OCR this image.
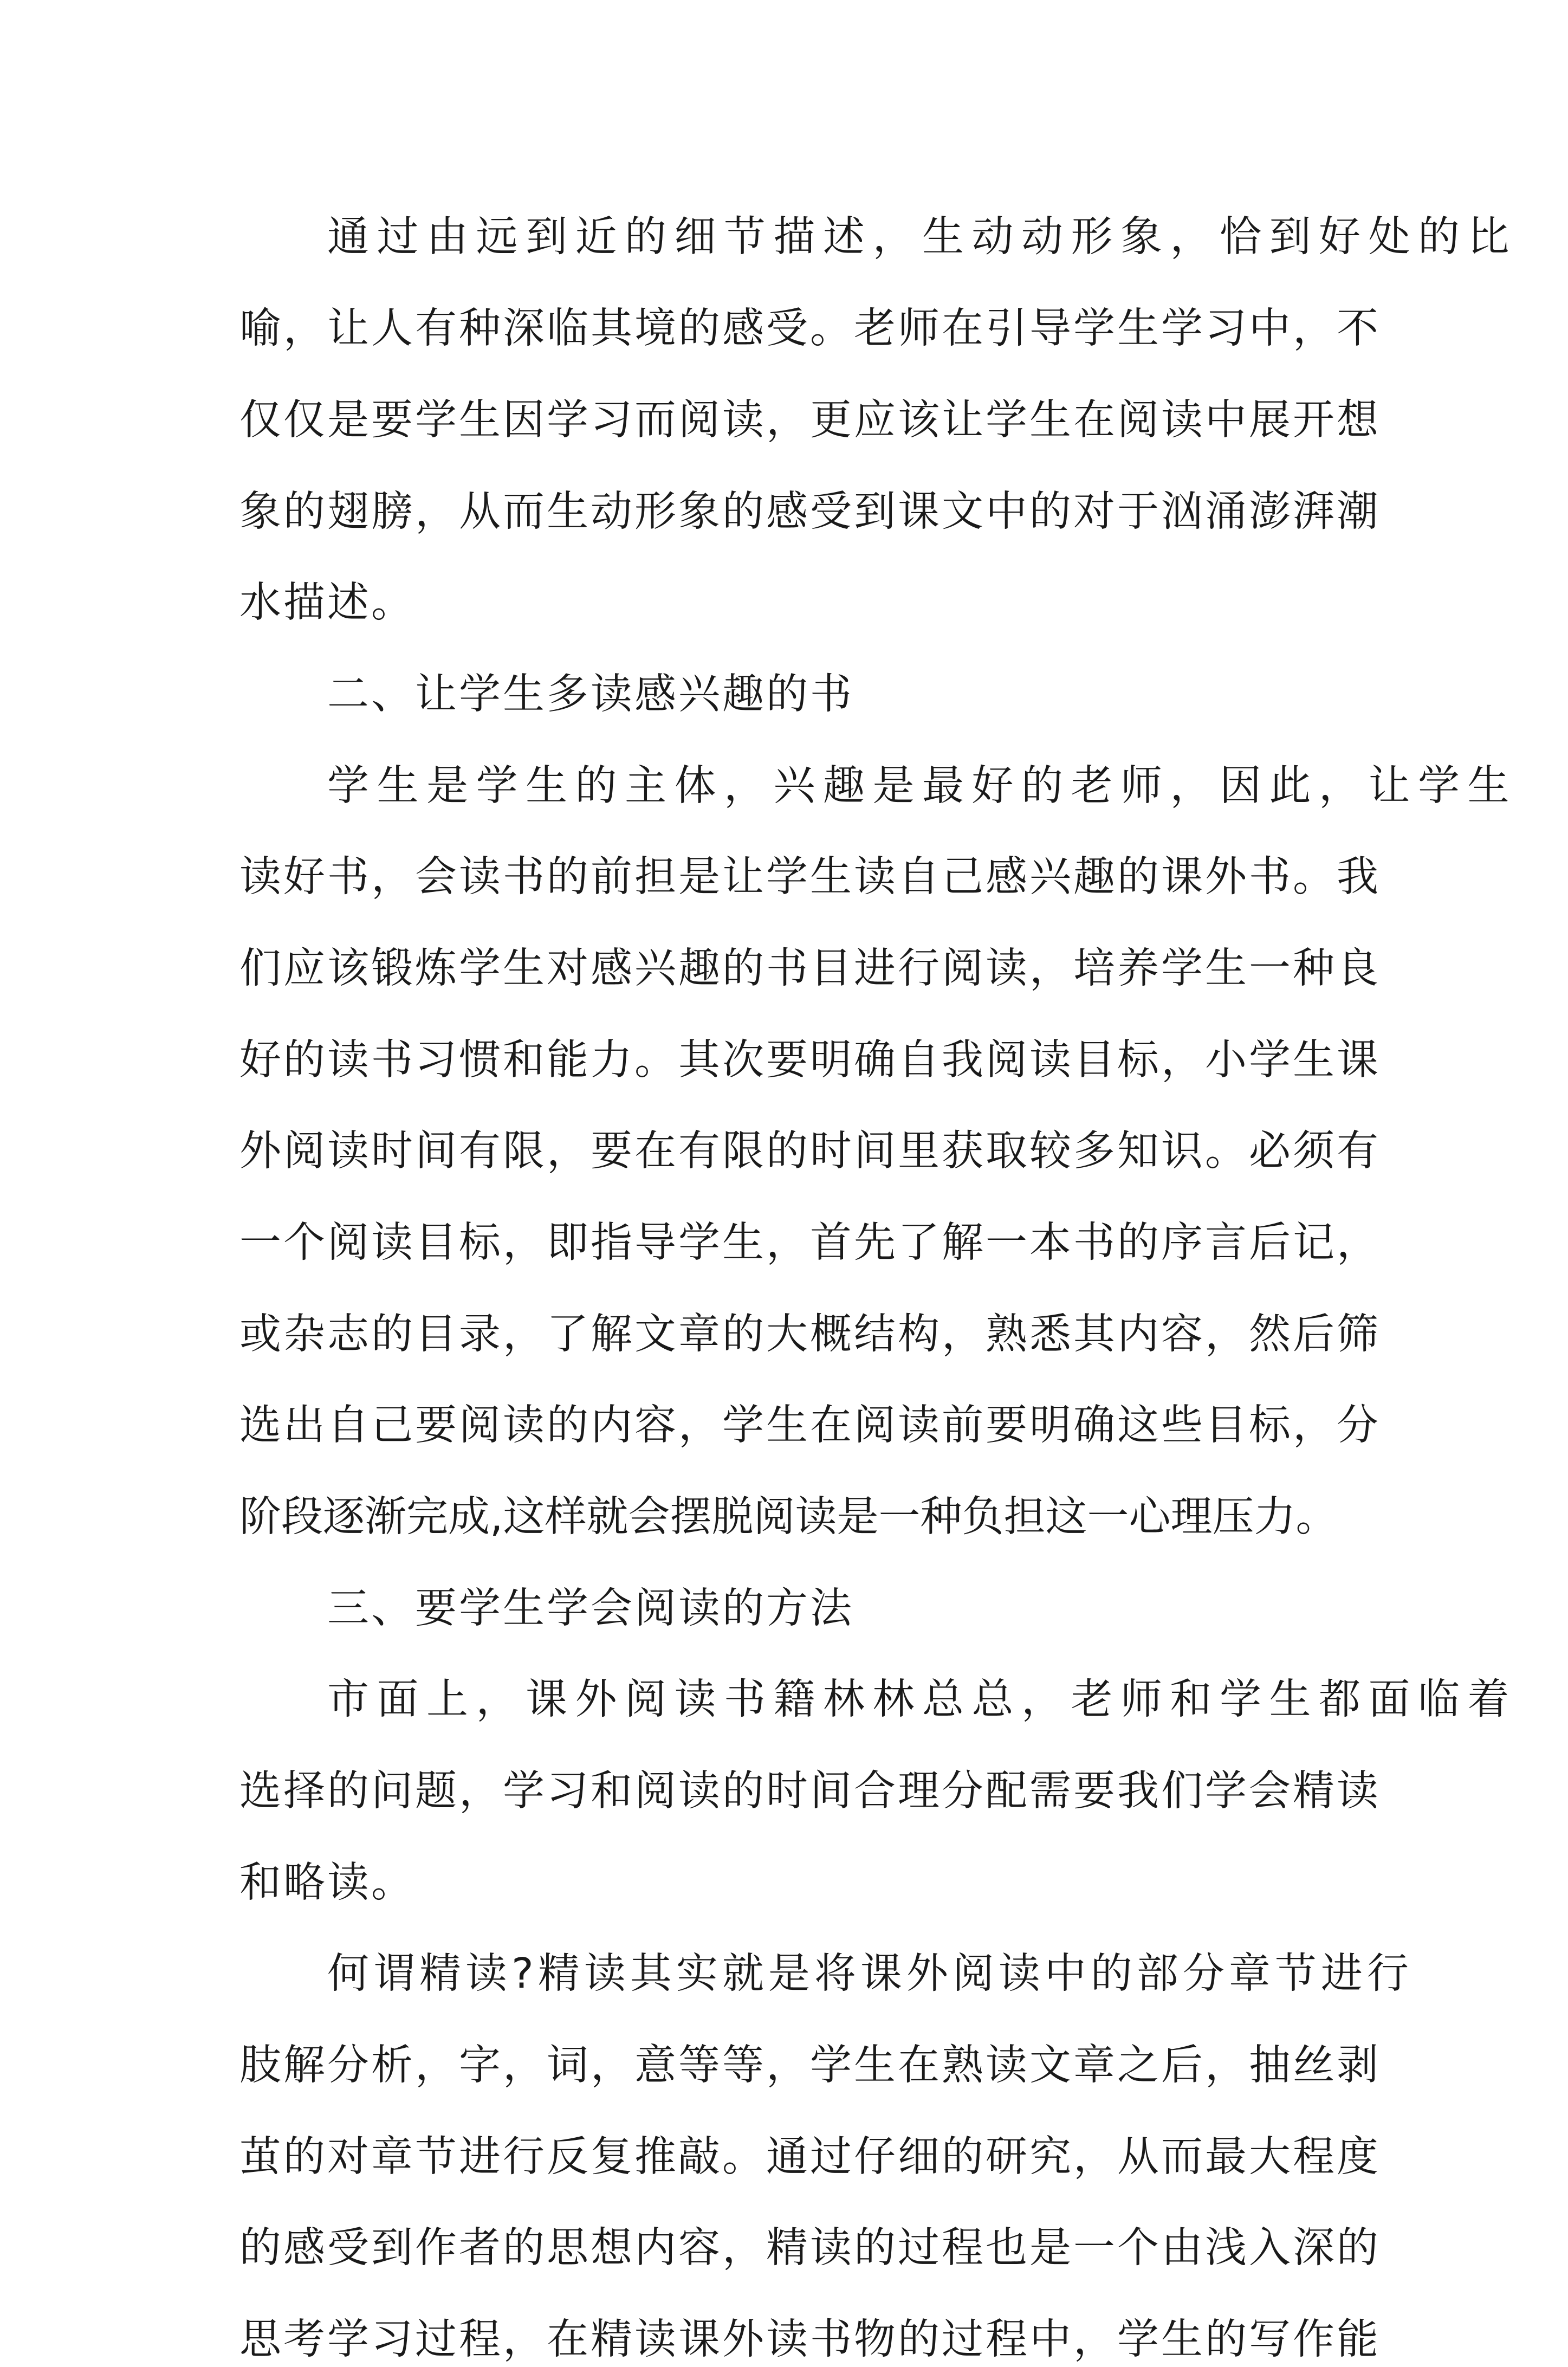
通过由远到近的细节描述，生动动形象，恰到好处的比
喻，让人有种深临其境的感受。老师在引导学生学习中，不
仅仅是要学生因学习而阅读，更应该让学生在阅读中展开想
象的翅膀，从而生动形象的感受到课文中的对于汹涌澎湃潮
水描述。
二、让学生多读感兴趣的书
学生是学生的主体，兴趣是最好的老师，因此，让学生
读好书，会读书的前担是让学生读自己感兴趣的课外书。我
们应该锻炼学生对感兴趣的书目进行阅读，培养学生一种良
好的读书习惯和能力。其次要明确自我阅读目标，小学生课
外阅读时间有限，要在有限的时间里获取较多知识。必须有
一个阅读目标，即指导学生，首先了解一本书的序言后记，
或杂志的目录，了解文章的大概结构，熟悉其内容，然后筛
选出自己要阅读的内容，学生在阅读前要明确这些目标，分
阶段逐渐完成,这样就会摆脱阅读是一种负担这一心理压力。
三、要学生学会阅读的方法
市面上，课外阅读书籍林林总总，老师和学生都面临着
选择的问题，学习和阅读的时间合理分配需要我们学会精读
和略读。
何谓精读?精读其实就是将课外阅读中的部分章节进行
肢解分析，字，词，意等等，学生在熟读文章之后，抽丝剥
茧的对章节进行反复推敲。通过仔细的研究，从而最大程度
的感受到作者的思想内容，精读的过程也是一个由浅入深的
思考学习过程，在精读课外读书物的过程中，学生的写作能
